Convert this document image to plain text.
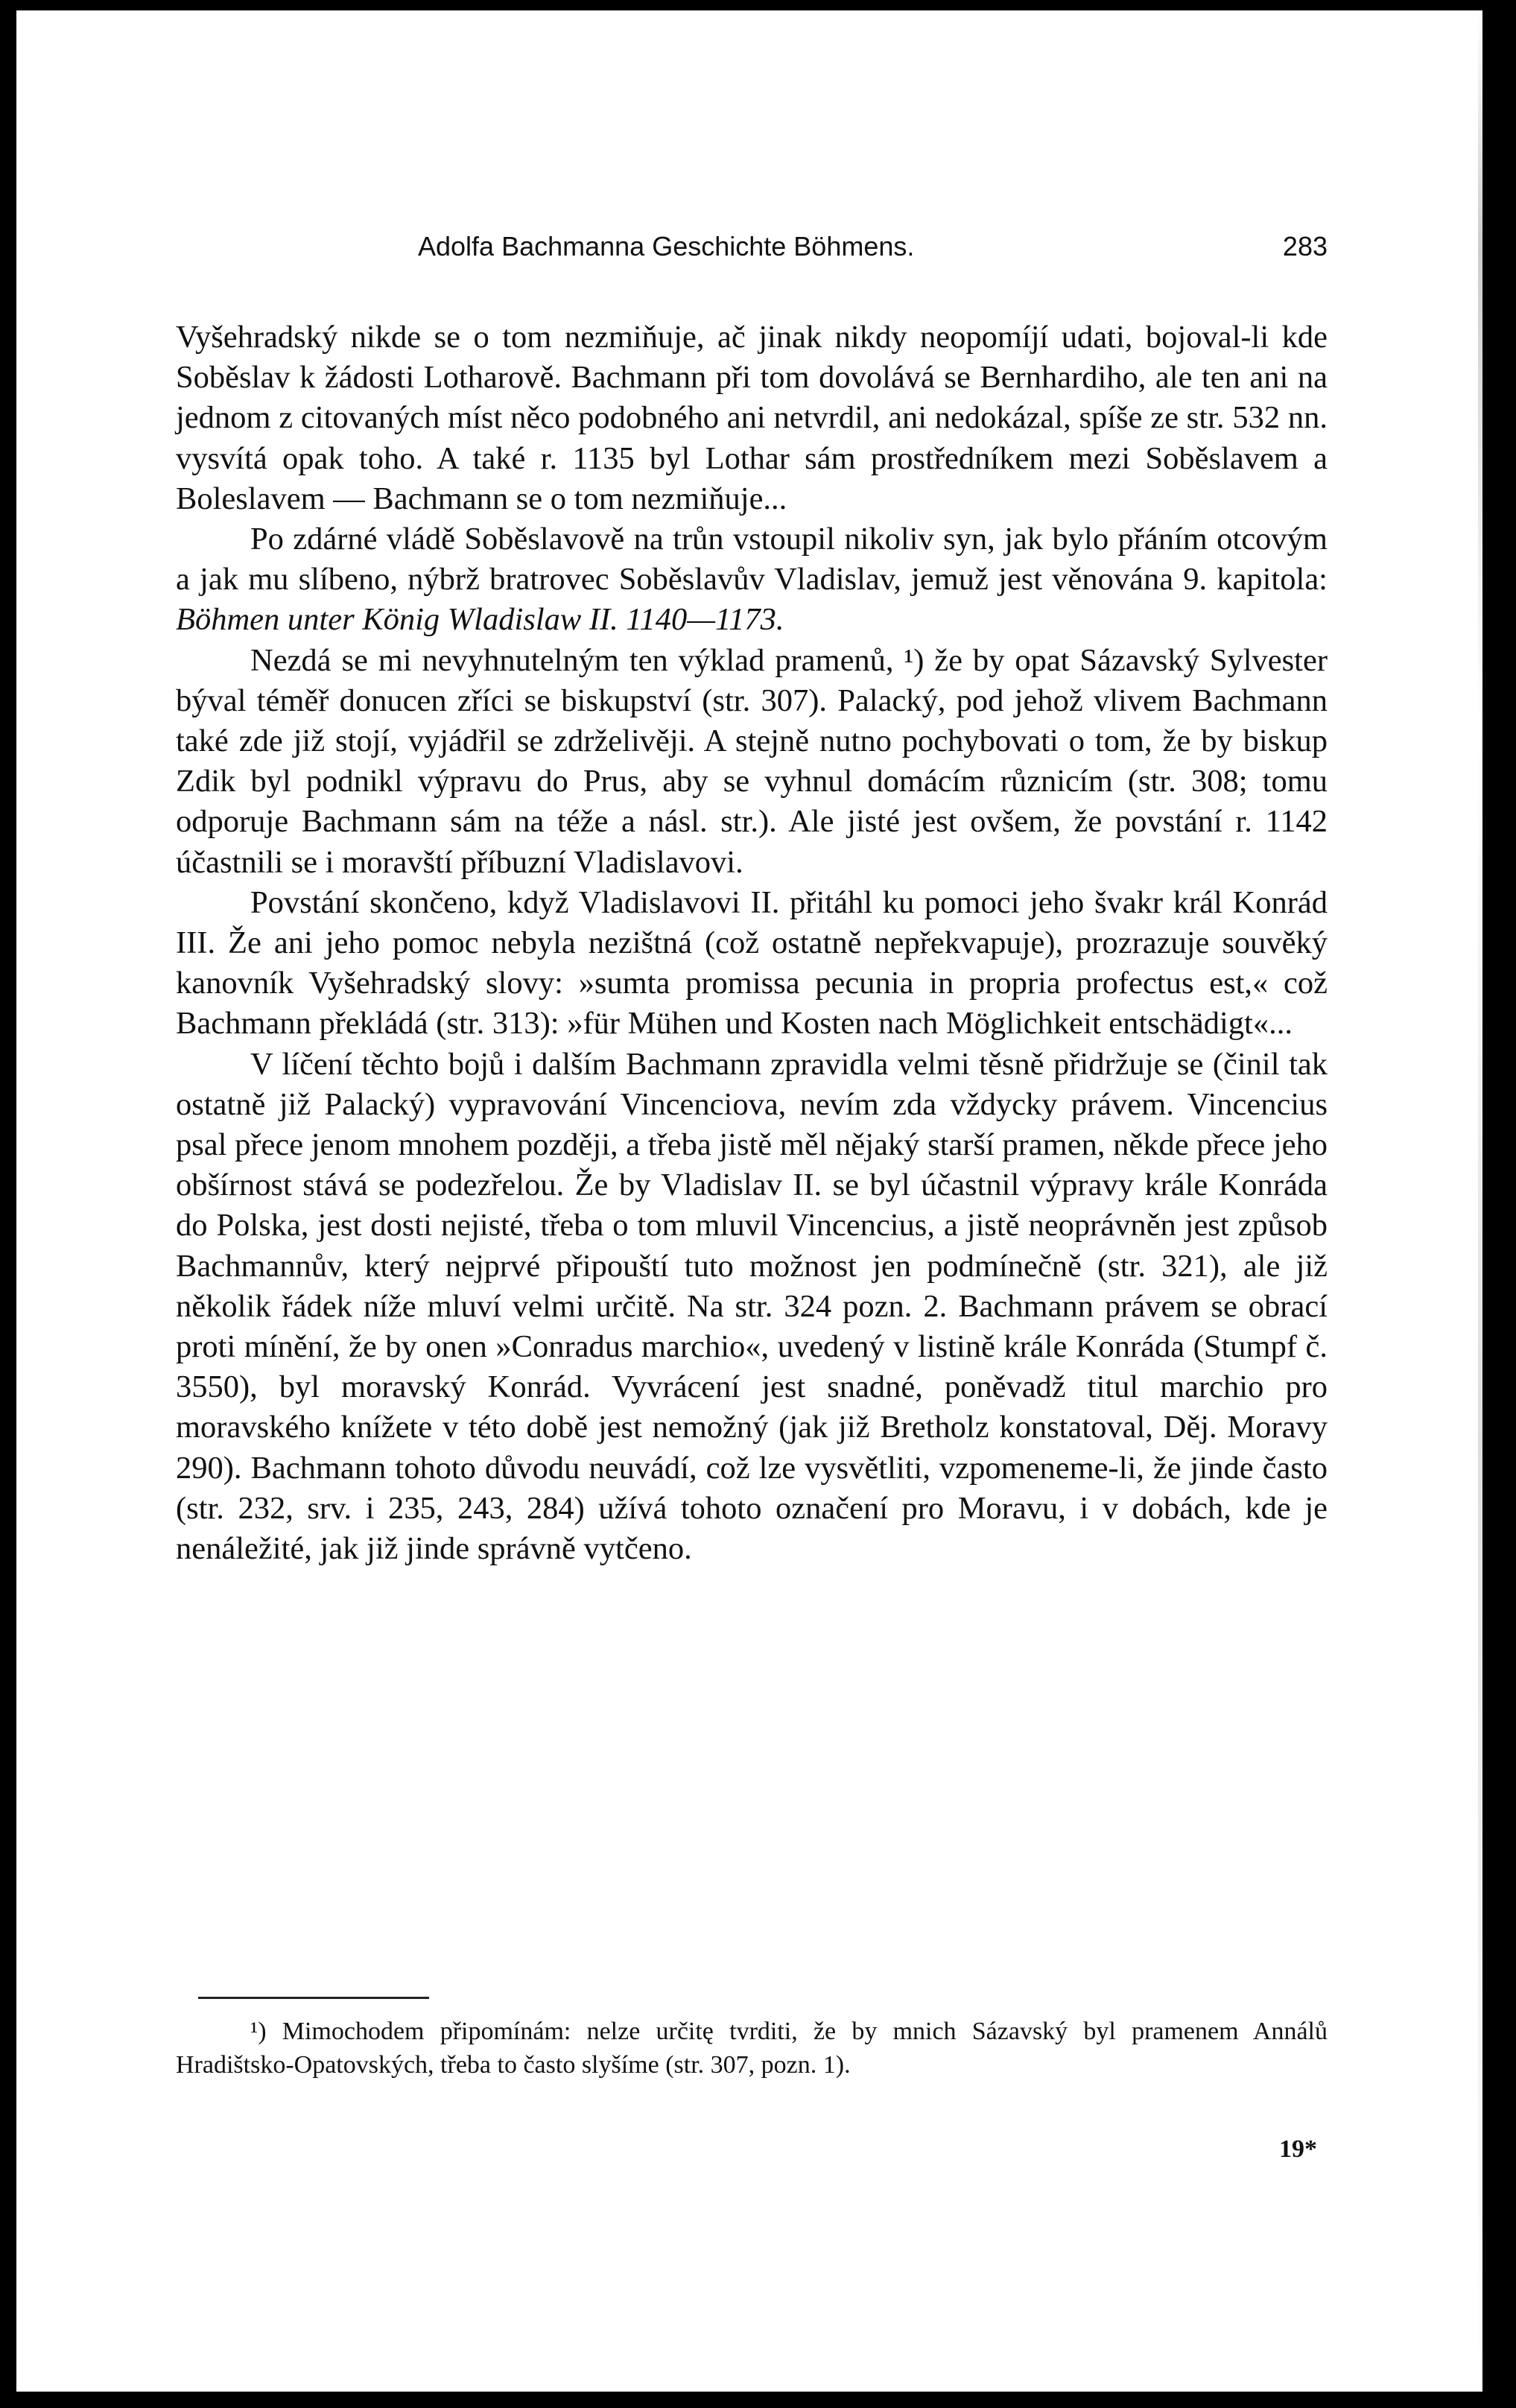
Adolfa Bachmanna Geschichte Böhmens.	283

Vyšehradský nikde se o tom nezmiňuje, ač jinak nikdy neopomíjí udati, bojoval-li kde Soběslav k žádosti Lotharově. Bachmann při tom dovolává se Bernhardiho, ale ten ani na jednom z citovaných míst něco podobného ani netvrdil, ani nedokázal, spíše ze str. 532 nn. vysvítá opak toho. A také r. 1135 byl Lothar sám prostředníkem mezi Soběslavem a Boleslavem — Bachmann se o tom nezmiňuje...

Po zdárné vládě Soběslavově na trůn vstoupil nikoliv syn, jak bylo přáním otcovým a jak mu slíbeno, nýbrž bratrovec Soběslavův Vladislav, jemuž jest věnována 9. kapitola: Böhmen unter König Wladislaw II. 1140—1173.

Nezdá se mi nevyhnutelným ten výklad pramenů, ¹) že by opat Sázavský Sylvester býval téměř donucen zříci se biskupství (str. 307). Palacký, pod jehož vlivem Bachmann také zde již stojí, vyjádřil se zdrželivěji. A stejně nutno pochybovati o tom, že by biskup Zdik byl podnikl výpravu do Prus, aby se vyhnul domácím různicím (str. 308; tomu odporuje Bachmann sám na téže a násl. str.). Ale jisté jest ovšem, že povstání r. 1142 účastnili se i moravští příbuzní Vladislavovi.

Povstání skončeno, když Vladislavovi II. přitáhl ku pomoci jeho švakr král Konrád III. Že ani jeho pomoc nebyla nezištná (což ostatně nepřekvapuje), prozrazuje souvěký kanovník Vyšehradský slovy: »sumta promissa pecunia in propria profectus est,« což Bachmann překládá (str. 313): »für Mühen und Kosten nach Möglichkeit entschädigt«...

V líčení těchto bojů i dalším Bachmann zpravidla velmi těsně přidržuje se (činil tak ostatně již Palacký) vypravování Vincenciova, nevím zda vždycky právem. Vincencius psal přece jenom mnohem později, a třeba jistě měl nějaký starší pramen, někde přece jeho obšírnost stává se podezřelou. Že by Vladislav II. se byl účastnil výpravy krále Konráda do Polska, jest dosti nejisté, třeba o tom mluvil Vincencius, a jistě neoprávněn jest způsob Bachmannův, který nejprvé připouští tuto možnost jen podmínečně (str. 321), ale již několik řádek níže mluví velmi určitě. Na str. 324 pozn. 2. Bachmann právem se obrací proti mínění, že by onen »Conradus marchio«, uvedený v listině krále Konráda (Stumpf č. 3550), byl moravský Konrád. Vyvrácení jest snadné, poněvadž titul marchio pro moravského knížete v této době jest nemožný (jak již Bretholz konstatoval, Děj. Moravy 290). Bachmann tohoto důvodu neuvádí, což lze vysvětliti, vzpomeneme-li, že jinde často (str. 232, srv. i 235, 243, 284) užívá tohoto označení pro Moravu, i v dobách, kde je nenáležité, jak již jinde správně vytčeno.

¹) Mimochodem připomínám: nelze určitę tvrditi, že by mnich Sázavský byl pramenem Annálů Hradištsko-Opatovských, třeba to často slyšíme (str. 307, pozn. 1).

19*
